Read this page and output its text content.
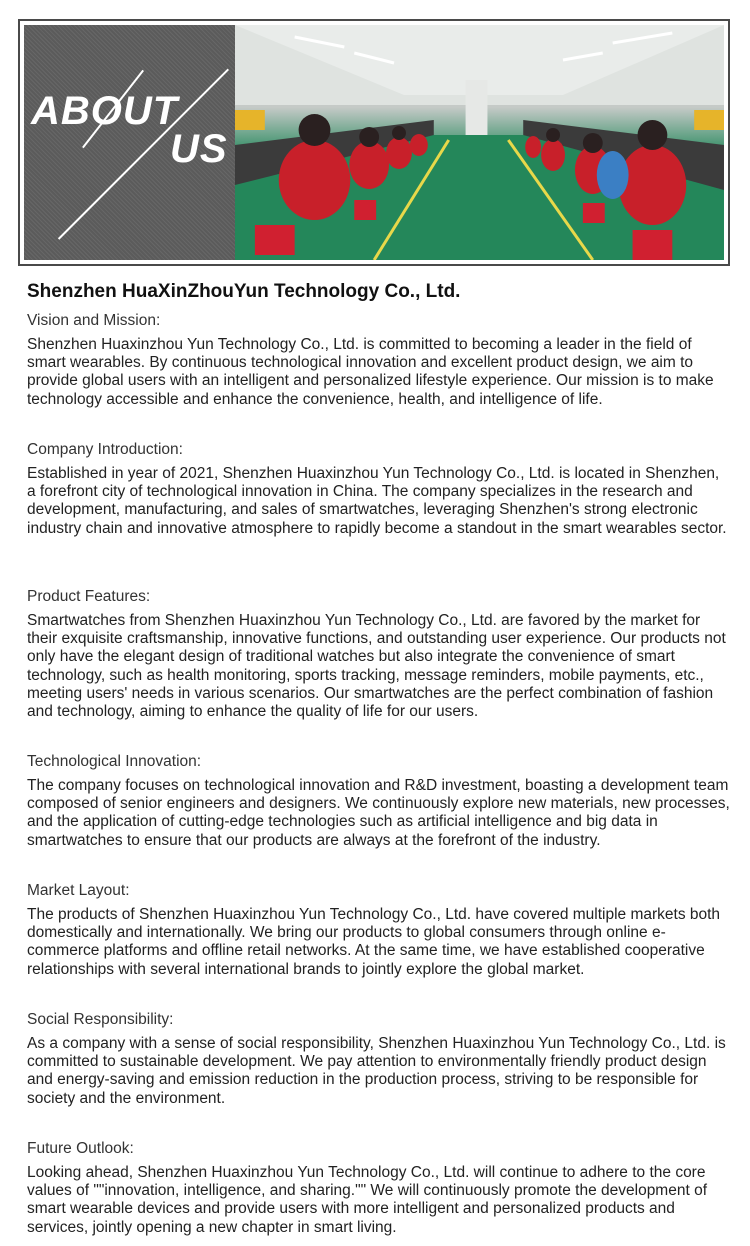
ABOUT
US
Shenzhen HuaXinZhouYun Technology Co., Ltd.

Vision and Mission:

Shenzhen Huaxinzhou Yun Technology Co., Ltd. is committed to becoming a leader in the field of smart wearables. By continuous technological innovation and excellent product design, we aim to provide global users with an intelligent and personalized lifestyle experience. Our mission is to make technology accessible and enhance the convenience, health, and intelligence of life.

Company Introduction:

Established in year of 2021, Shenzhen Huaxinzhou Yun Technology Co., Ltd. is located in Shenzhen, a forefront city of technological innovation in China. The company specializes in the research and development, manufacturing, and sales of smartwatches, leveraging Shenzhen's strong electronic industry chain and innovative atmosphere to rapidly become a standout in the smart wearables sector.

Product Features:

Smartwatches from Shenzhen Huaxinzhou Yun Technology Co., Ltd. are favored by the market for their exquisite craftsmanship, innovative functions, and outstanding user experience. Our products not only have the elegant design of traditional watches but also integrate the convenience of smart technology, such as health monitoring, sports tracking, message reminders, mobile payments, etc., meeting users' needs in various scenarios. Our smartwatches are the perfect combination of fashion and technology, aiming to enhance the quality of life for our users.

Technological Innovation:

The company focuses on technological innovation and R&D investment, boasting a development team composed of senior engineers and designers. We continuously explore new materials, new processes, and the application of cutting-edge technologies such as artificial intelligence and big data in smartwatches to ensure that our products are always at the forefront of the industry.

Market Layout:

The products of Shenzhen Huaxinzhou Yun Technology Co., Ltd. have covered multiple markets both domestically and internationally. We bring our products to global consumers through online e-commerce platforms and offline retail networks. At the same time, we have established cooperative relationships with several international brands to jointly explore the global market.

Social Responsibility:

As a company with a sense of social responsibility, Shenzhen Huaxinzhou Yun Technology Co., Ltd. is committed to sustainable development. We pay attention to environmentally friendly product design and energy-saving and emission reduction in the production process, striving to be responsible for society and the environment.

Future Outlook:

Looking ahead, Shenzhen Huaxinzhou Yun Technology Co., Ltd. will continue to adhere to the core values of ""innovation, intelligence, and sharing."" We will continuously promote the development of smart wearable devices and provide users with more intelligent and personalized products and services, jointly opening a new chapter in smart living.
